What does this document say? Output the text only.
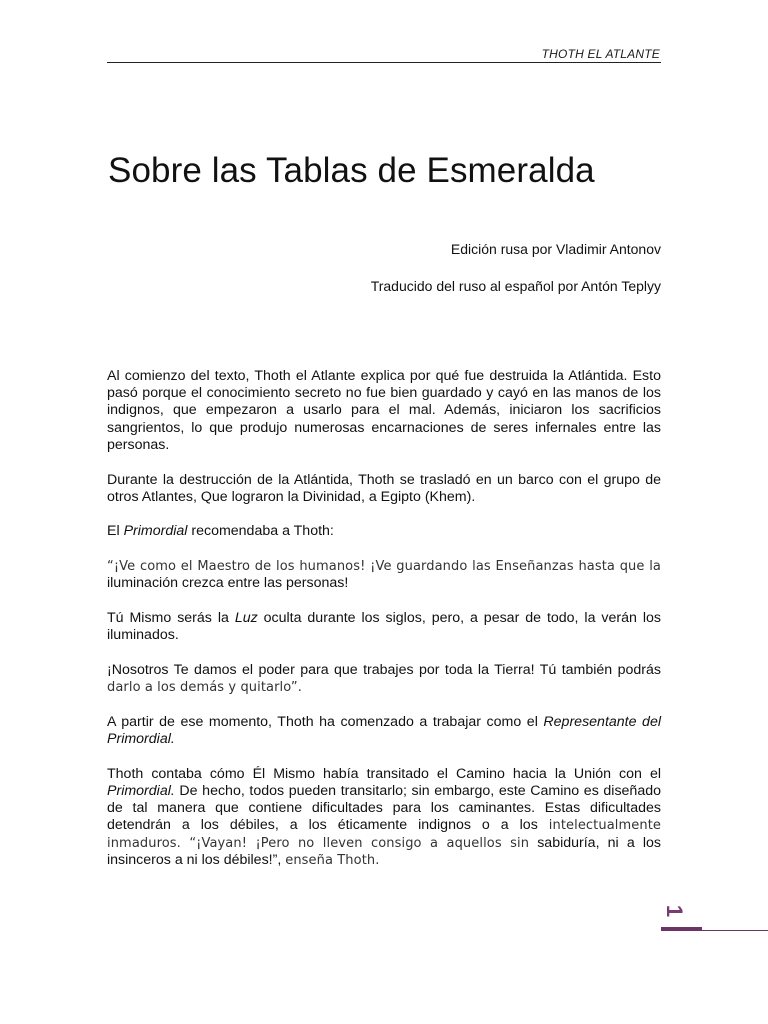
THOTH EL ATLANTE
Sobre las Tablas de Esmeralda
Edición rusa por Vladimir Antonov
Traducido del ruso al español por Antón Teplyy

Al comienzo del texto, Thoth el Atlante explica por qué fue destruida la Atlántida. Esto pasó porque el conocimiento secreto no fue bien guardado y cayó en las manos de los indignos, que empezaron a usarlo para el mal. Además, iniciaron los sacrificios sangrientos, lo que produjo numerosas encarnaciones de seres infernales entre las personas.

Durante la destrucción de la Atlántida, Thoth se trasladó en un barco con el grupo de otros Atlantes, Que lograron la Divinidad, a Egipto (Khem).

El Primordial recomendaba a Thoth:

“¡Ve como el Maestro de los humanos! ¡Ve guardando las Enseñanzas hasta que la iluminación crezca entre las personas!

Tú Mismo serás la Luz oculta durante los siglos, pero, a pesar de todo, la verán los iluminados.

¡Nosotros Te damos el poder para que trabajes por toda la Tierra! Tú también podrás darlo a los demás y quitarlo”.

A partir de ese momento, Thoth ha comenzado a trabajar como el Representante del Primordial.

Thoth contaba cómo Él Mismo había transitado el Camino hacia la Unión con el Primordial. De hecho, todos pueden transitarlo; sin embargo, este Camino es diseñado de tal manera que contiene dificultades para los caminantes. Estas dificultades detendrán a los débiles, a los éticamente indignos o a los intelectualmente inmaduros. “¡Vayan! ¡Pero no lleven consigo a aquellos sin sabiduría, ni a los insinceros a ni los débiles!”, enseña Thoth.

1
